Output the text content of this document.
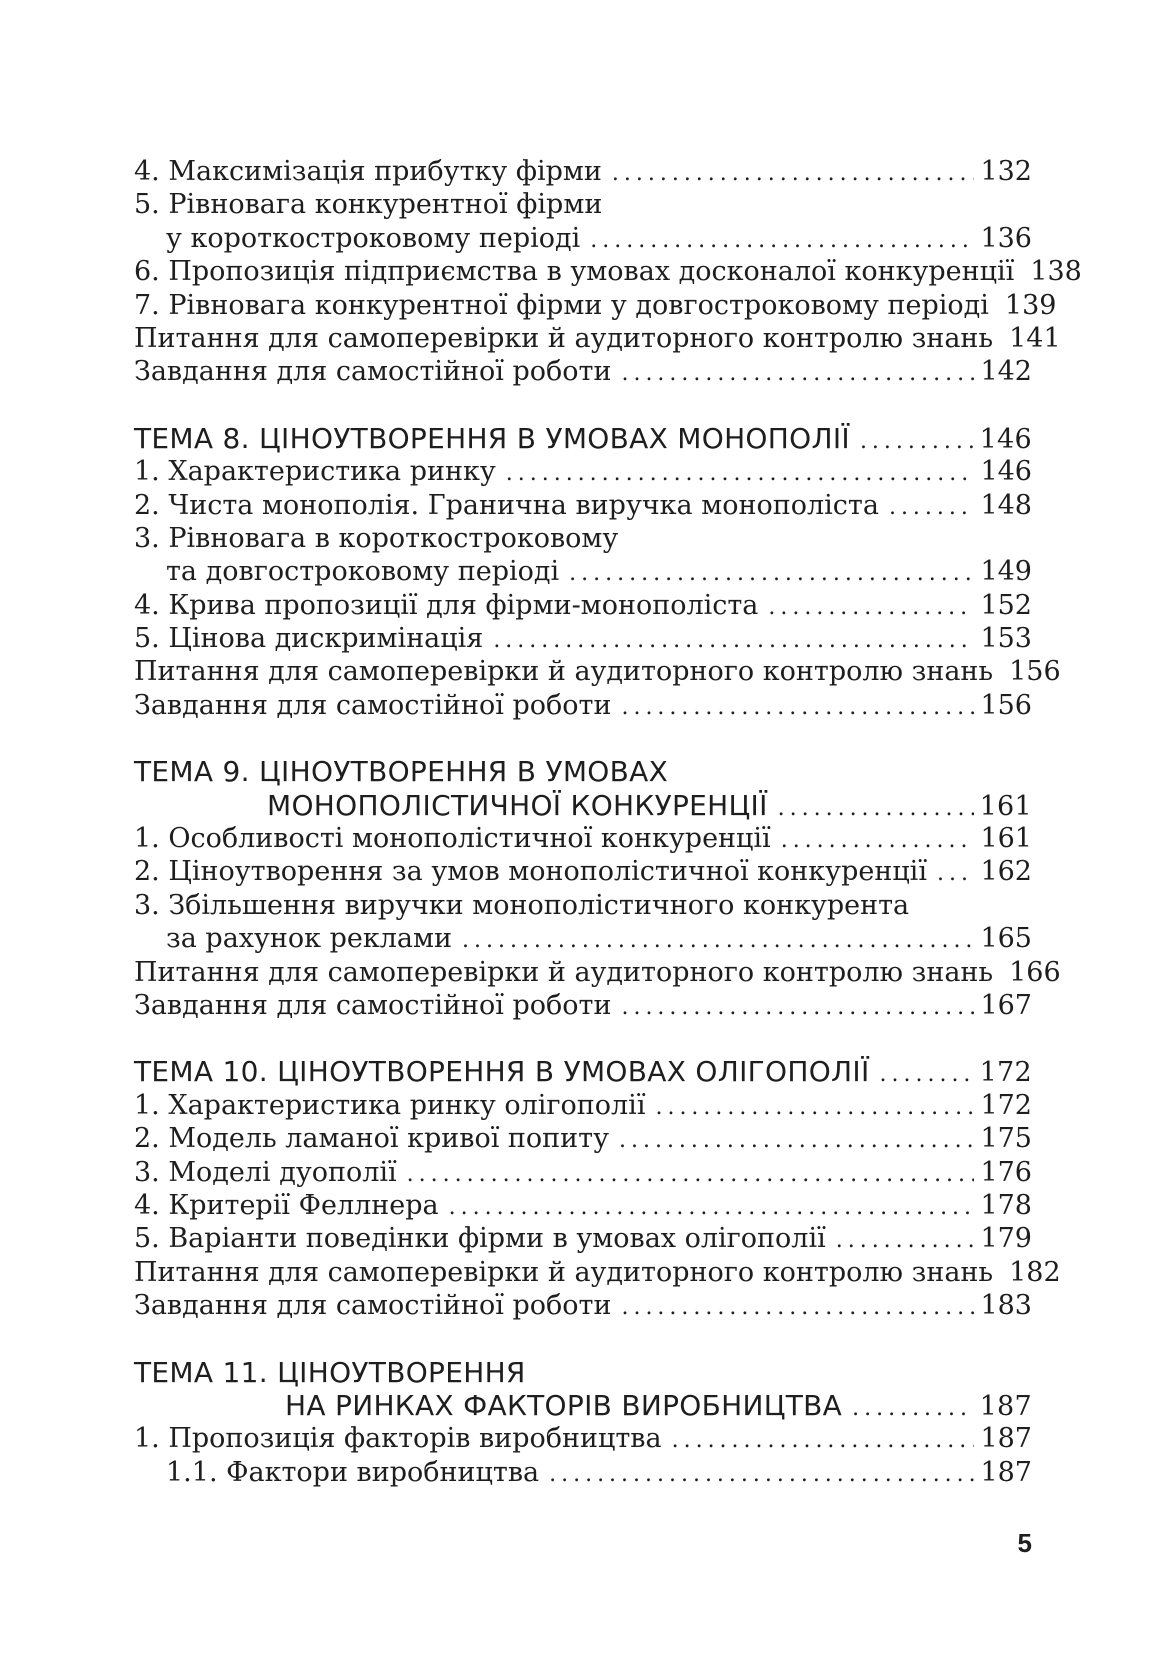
4. Максимізація прибутку фірми . . .	132
5. Рівновага конкурентної фірми
у короткостроковому періоді . . .	136
6. Пропозиція підприємства в умовах досконалої конкуренції 138
7. Рівновага конкурентної фірми у довгостроковому періоді 139
Питання для самоперевірки й аудиторного контролю знань 141
Завдання для самостійної роботи . . .	142
ТЕМА 8. ЦІНОУТВОРЕННЯ В УМОВАХ МОНОПОЛІЇ . . .	146
1. Характеристика ринку . . .	146
2. Чиста монополія. Гранична виручка монополіста . . .	148
3. Рівновага в короткостроковому
та довгостроковому періоді . . .	149
4. Крива пропозиції для фірми-монополіста . . .	152
5. Цінова дискримінація . . .	153
Питання для самоперевірки й аудиторного контролю знань 156
Завдання для самостійної роботи . . .	156
ТЕМА 9. ЦІНОУТВОРЕННЯ В УМОВАХ
МОНОПОЛІСТИЧНОЇ КОНКУРЕНЦІЇ . . .	161
1. Особливості монополістичної конкуренції . . .	161
2. Ціноутворення за умов монополістичної конкуренції . . . 162
3. Збільшення виручки монополістичного конкурента
за рахунок реклами . . .	165
Питання для самоперевірки й аудиторного контролю знань 166
Завдання для самостійної роботи . . .	167
ТЕМА 10. ЦІНОУТВОРЕННЯ В УМОВАХ ОЛІГОПОЛІЇ . . .	172
1. Характеристика ринку олігополії . . .	172
2. Модель ламаної кривої попиту . . .	175
3. Моделі дуополії . . .	176
4. Критерії Феллнера . . .	178
5. Варіанти поведінки фірми в умовах олігополії . . .	179
Питання для самоперевірки й аудиторного контролю знань 182
Завдання для самостійної роботи . . .	183
ТЕМА 11. ЦІНОУТВОРЕННЯ
НА РИНКАХ ФАКТОРІВ ВИРОБНИЦТВА . . .	187
1. Пропозиція факторів виробництва . . .	187
1.1. Фактори виробництва . . .	187
5
